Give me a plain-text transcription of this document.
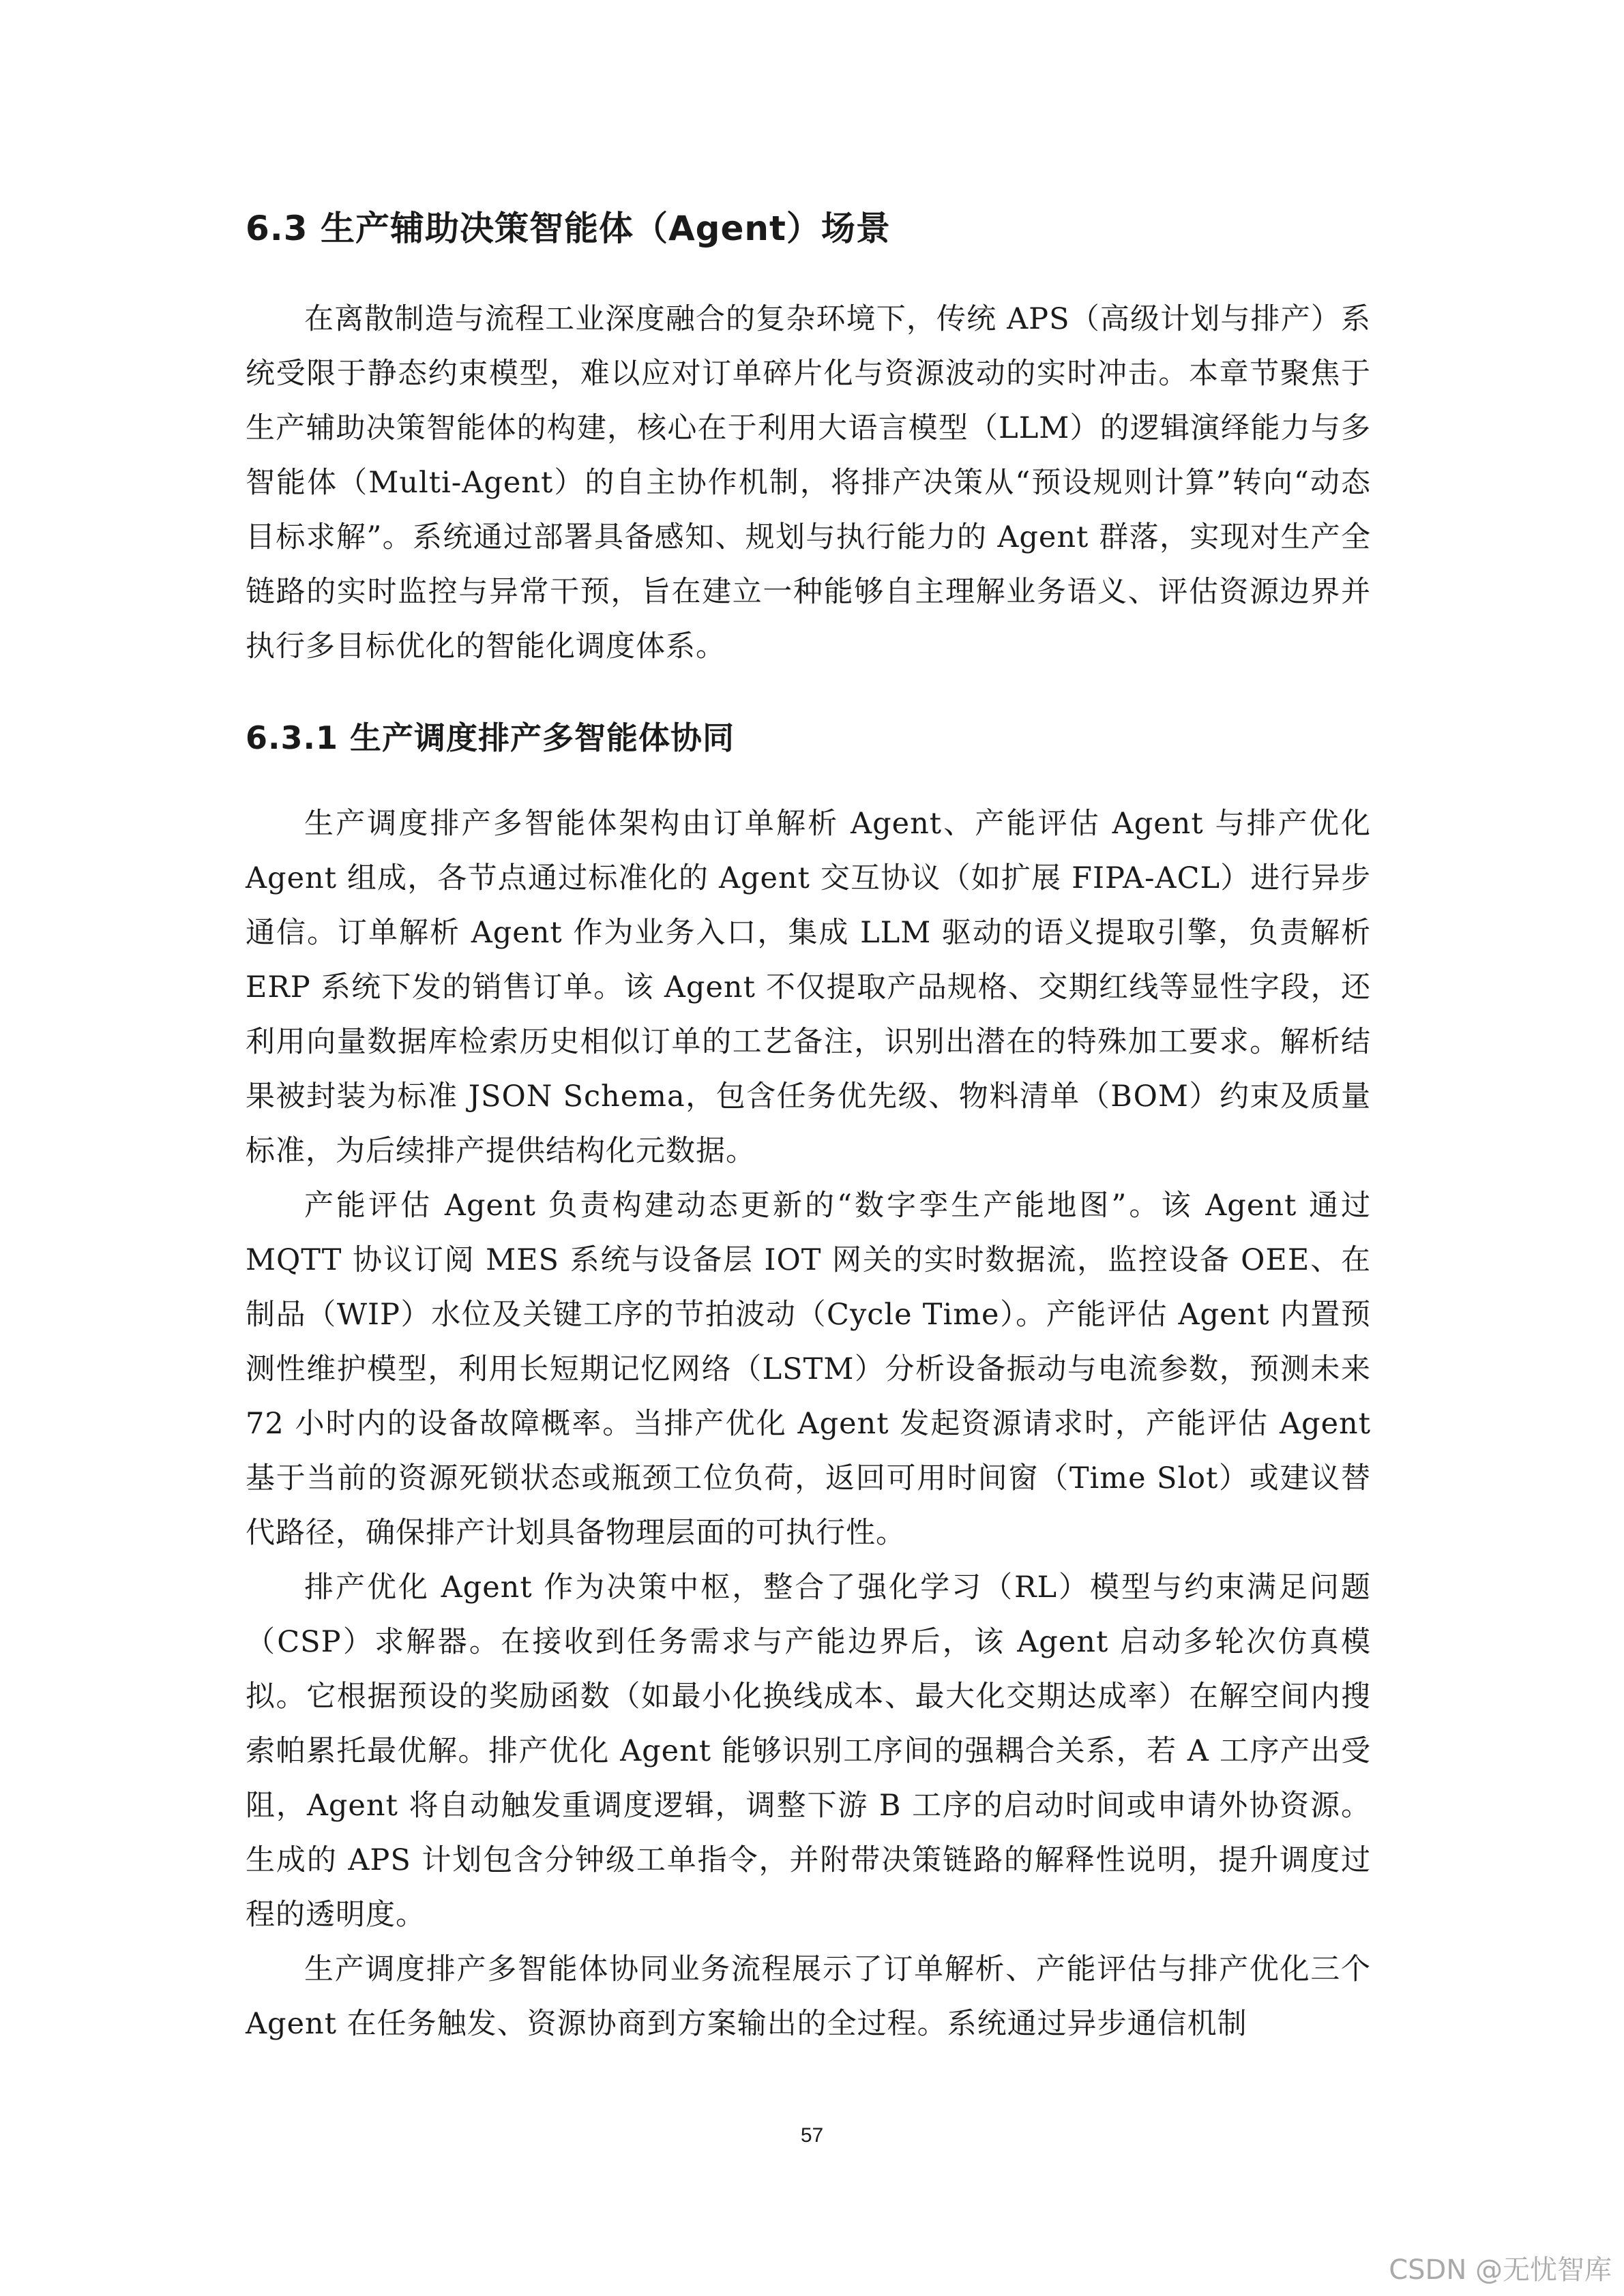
6.3 生产辅助决策智能体（Agent）场景

在离散制造与流程工业深度融合的复杂环境下，传统 APS（高级计划与排产）系统受限于静态约束模型，难以应对订单碎片化与资源波动的实时冲击。本章节聚焦于生产辅助决策智能体的构建，核心在于利用大语言模型（LLM）的逻辑演绎能力与多智能体（Multi-Agent）的自主协作机制，将排产决策从“预设规则计算”转向“动态目标求解”。系统通过部署具备感知、规划与执行能力的 Agent 群落，实现对生产全链路的实时监控与异常干预，旨在建立一种能够自主理解业务语义、评估资源边界并执行多目标优化的智能化调度体系。

6.3.1 生产调度排产多智能体协同

生产调度排产多智能体架构由订单解析 Agent、产能评估 Agent 与排产优化 Agent 组成，各节点通过标准化的 Agent 交互协议（如扩展 FIPA-ACL）进行异步通信。订单解析 Agent 作为业务入口，集成 LLM 驱动的语义提取引擎，负责解析 ERP 系统下发的销售订单。该 Agent 不仅提取产品规格、交期红线等显性字段，还利用向量数据库检索历史相似订单的工艺备注，识别出潜在的特殊加工要求。解析结果被封装为标准 JSON Schema，包含任务优先级、物料清单（BOM）约束及质量标准，为后续排产提供结构化元数据。

产能评估 Agent 负责构建动态更新的“数字孪生产能地图”。该 Agent 通过 MQTT 协议订阅 MES 系统与设备层 IOT 网关的实时数据流，监控设备 OEE、在制品（WIP）水位及关键工序的节拍波动（Cycle Time）。产能评估 Agent 内置预测性维护模型，利用长短期记忆网络（LSTM）分析设备振动与电流参数，预测未来 72 小时内的设备故障概率。当排产优化 Agent 发起资源请求时，产能评估 Agent 基于当前的资源死锁状态或瓶颈工位负荷，返回可用时间窗（Time Slot）或建议替代路径，确保排产计划具备物理层面的可执行性。

排产优化 Agent 作为决策中枢，整合了强化学习（RL）模型与约束满足问题（CSP）求解器。在接收到任务需求与产能边界后，该 Agent 启动多轮次仿真模拟。它根据预设的奖励函数（如最小化换线成本、最大化交期达成率）在解空间内搜索帕累托最优解。排产优化 Agent 能够识别工序间的强耦合关系，若 A 工序产出受阻，Agent 将自动触发重调度逻辑，调整下游 B 工序的启动时间或申请外协资源。生成的 APS 计划包含分钟级工单指令，并附带决策链路的解释性说明，提升调度过程的透明度。

生产调度排产多智能体协同业务流程展示了订单解析、产能评估与排产优化三个 Agent 在任务触发、资源协商到方案输出的全过程。系统通过异步通信机制

57
CSDN @无忧智库
